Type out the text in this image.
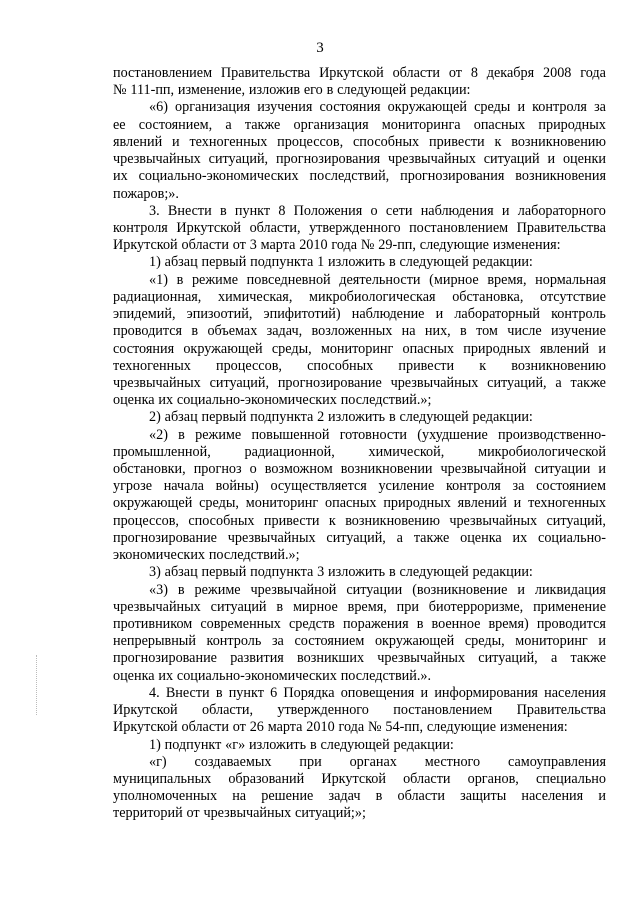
3
постановлением Правительства Иркутской области от 8 декабря 2008 года
№ 111-пп, изменение, изложив его в следующей редакции:
«6) организация изучения состояния окружающей среды и контроля за
ее состоянием, а также организация мониторинга опасных природных
явлений и техногенных процессов, способных привести к возникновению
чрезвычайных ситуаций, прогнозирования чрезвычайных ситуаций и оценки
их социально-экономических последствий, прогнозирования возникновения
пожаров;».
3. Внести в пункт 8 Положения о сети наблюдения и лабораторного
контроля Иркутской области, утвержденного постановлением Правительства
Иркутской области от 3 марта 2010 года № 29-пп, следующие изменения:
1) абзац первый подпункта 1 изложить в следующей редакции:
«1) в режиме повседневной деятельности (мирное время, нормальная
радиационная, химическая, микробиологическая обстановка, отсутствие
эпидемий, эпизоотий, эпифитотий) наблюдение и лабораторный контроль
проводится в объемах задач, возложенных на них, в том числе изучение
состояния окружающей среды, мониторинг опасных природных явлений и
техногенных процессов, способных привести к возникновению
чрезвычайных ситуаций, прогнозирование чрезвычайных ситуаций, а также
оценка их социально-экономических последствий.»;
2) абзац первый подпункта 2 изложить в следующей редакции:
«2) в режиме повышенной готовности (ухудшение производственно-
промышленной, радиационной, химической, микробиологической
обстановки, прогноз о возможном возникновении чрезвычайной ситуации и
угрозе начала войны) осуществляется усиление контроля за состоянием
окружающей среды, мониторинг опасных природных явлений и техногенных
процессов, способных привести к возникновению чрезвычайных ситуаций,
прогнозирование чрезвычайных ситуаций, а также оценка их социально-
экономических последствий.»;
3) абзац первый подпункта 3 изложить в следующей редакции:
«3) в режиме чрезвычайной ситуации (возникновение и ликвидация
чрезвычайных ситуаций в мирное время, при биотерроризме, применение
противником современных средств поражения в военное время) проводится
непрерывный контроль за состоянием окружающей среды, мониторинг и
прогнозирование развития возникших чрезвычайных ситуаций, а также
оценка их социально-экономических последствий.».
4. Внести в пункт 6 Порядка оповещения и информирования населения
Иркутской области, утвержденного постановлением Правительства
Иркутской области от 26 марта 2010 года № 54-пп, следующие изменения:
1) подпункт «г» изложить в следующей редакции:
«г) создаваемых при органах местного самоуправления
муниципальных образований Иркутской области органов, специально
уполномоченных на решение задач в области защиты населения и
территорий от чрезвычайных ситуаций;»;
